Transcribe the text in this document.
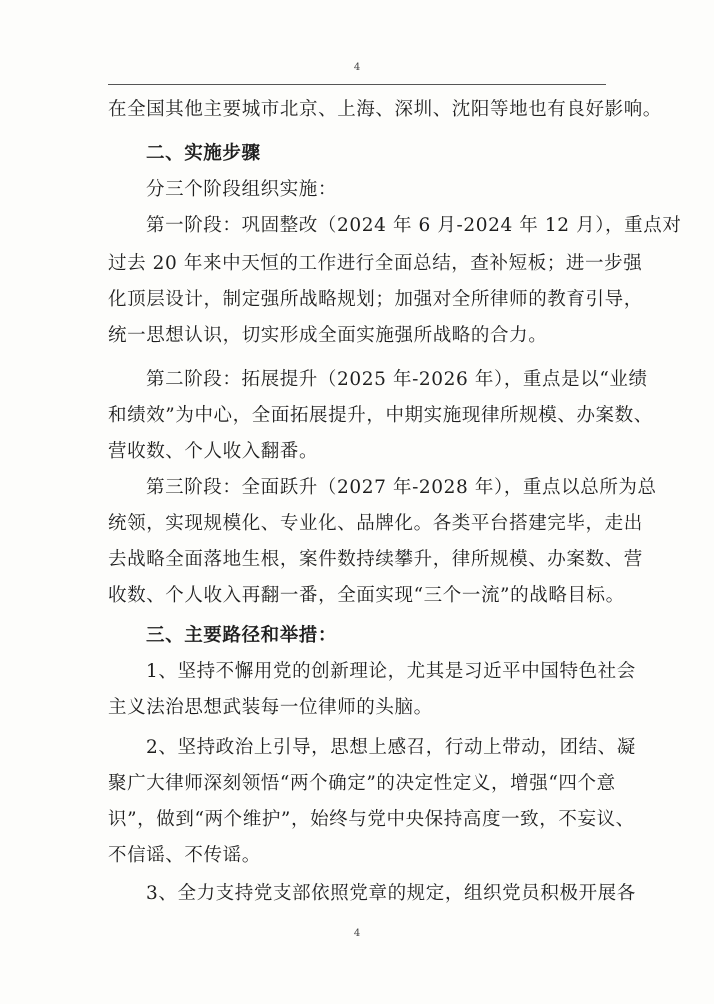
4
在全国其他主要城市北京、上海、深圳、沈阳等地也有良好影响。
二、实施步骤
分三个阶段组织实施：
第一阶段：巩固整改（2024 年 6 月-2024 年 12 月），重点对
过去 20 年来中天恒的工作进行全面总结，查补短板；进一步强
化顶层设计，制定强所战略规划；加强对全所律师的教育引导，
统一思想认识，切实形成全面实施强所战略的合力。
第二阶段：拓展提升（2025 年-2026 年），重点是以“业绩
和绩效”为中心，全面拓展提升，中期实施现律所规模、办案数、
营收数、个人收入翻番。
第三阶段：全面跃升（2027 年-2028 年），重点以总所为总
统领，实现规模化、专业化、品牌化。各类平台搭建完毕，走出
去战略全面落地生根，案件数持续攀升，律所规模、办案数、营
收数、个人收入再翻一番，全面实现“三个一流”的战略目标。
三、主要路径和举措：
1、坚持不懈用党的创新理论，尤其是习近平中国特色社会
主义法治思想武装每一位律师的头脑。
2、坚持政治上引导，思想上感召，行动上带动，团结、凝
聚广大律师深刻领悟“两个确定”的决定性定义，增强“四个意
识”，做到“两个维护”，始终与党中央保持高度一致，不妄议、
不信谣、不传谣。
3、全力支持党支部依照党章的规定，组织党员积极开展各
4
